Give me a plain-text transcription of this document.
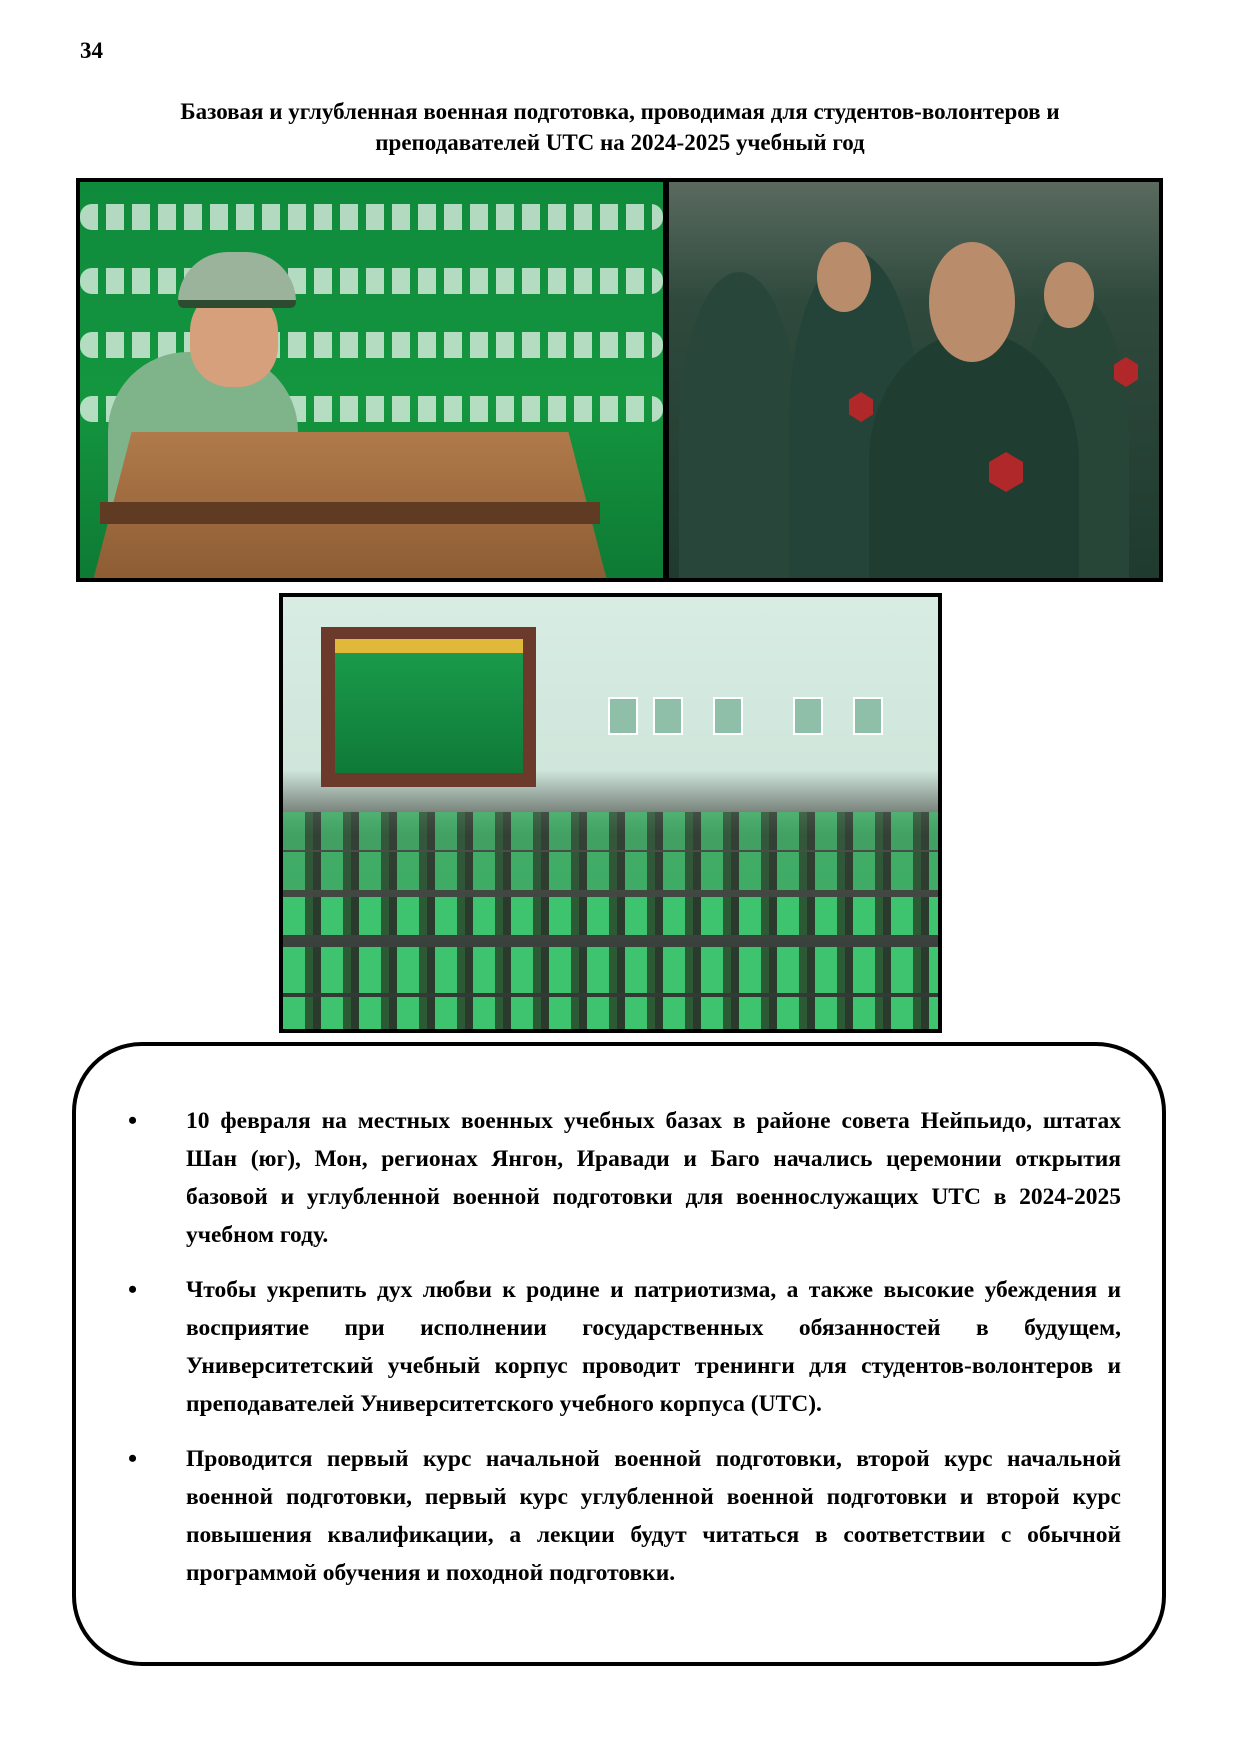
34
Базовая и углубленная военная подготовка, проводимая для студентов-волонтеров и
преподавателей UTC на 2024-2025 учебный год
• 10 февраля на местных военных учебных базах в районе совета Нейпьидо, штатах Шан (юг), Мон, регионах Янгон, Иравади и Баго начались церемонии открытия базовой и углубленной военной подготовки для военнослужащих UTC в 2024-2025 учебном году.
• Чтобы укрепить дух любви к родине и патриотизма, а также высокие убеждения и восприятие при исполнении государственных обязанностей в будущем, Университетский учебный корпус проводит тренинги для студентов-волонтеров и преподавателей Университетского учебного корпуса (UTC).
• Проводится первый курс начальной военной подготовки, второй курс начальной военной подготовки, первый курс углубленной военной подготовки и второй курс повышения квалификации, а лекции будут читаться в соответствии с обычной программой обучения и походной подготовки.
